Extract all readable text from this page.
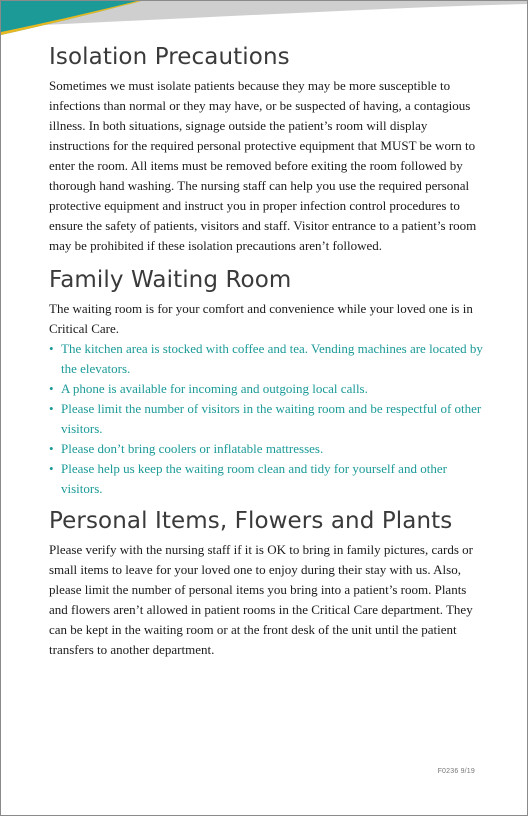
Isolation Precautions

Sometimes we must isolate patients because they may be more susceptible to infections than normal or they may have, or be suspected of having, a contagious illness. In both situations, signage outside the patient’s room will display instructions for the required personal protective equipment that MUST be worn to enter the room. All items must be removed before exiting the room followed by thorough hand washing. The nursing staff can help you use the required personal protective equipment and instruct you in proper infection control procedures to ensure the safety of patients, visitors and staff. Visitor entrance to a patient’s room may be prohibited if these isolation precautions aren’t followed.

Family Waiting Room

The waiting room is for your comfort and convenience while your loved one is in Critical Care.

• The kitchen area is stocked with coffee and tea. Vending machines are located by the elevators.
• A phone is available for incoming and outgoing local calls.
• Please limit the number of visitors in the waiting room and be respectful of other visitors.
• Please don’t bring coolers or inflatable mattresses.
• Please help us keep the waiting room clean and tidy for yourself and other visitors.
Personal Items, Flowers and Plants

Please verify with the nursing staff if it is OK to bring in family pictures, cards or small items to leave for your loved one to enjoy during their stay with us. Also, please limit the number of personal items you bring into a patient’s room. Plants and flowers aren’t allowed in patient rooms in the Critical Care department. They can be kept in the waiting room or at the front desk of the unit until the patient transfers to another department.

F0236 9/19
